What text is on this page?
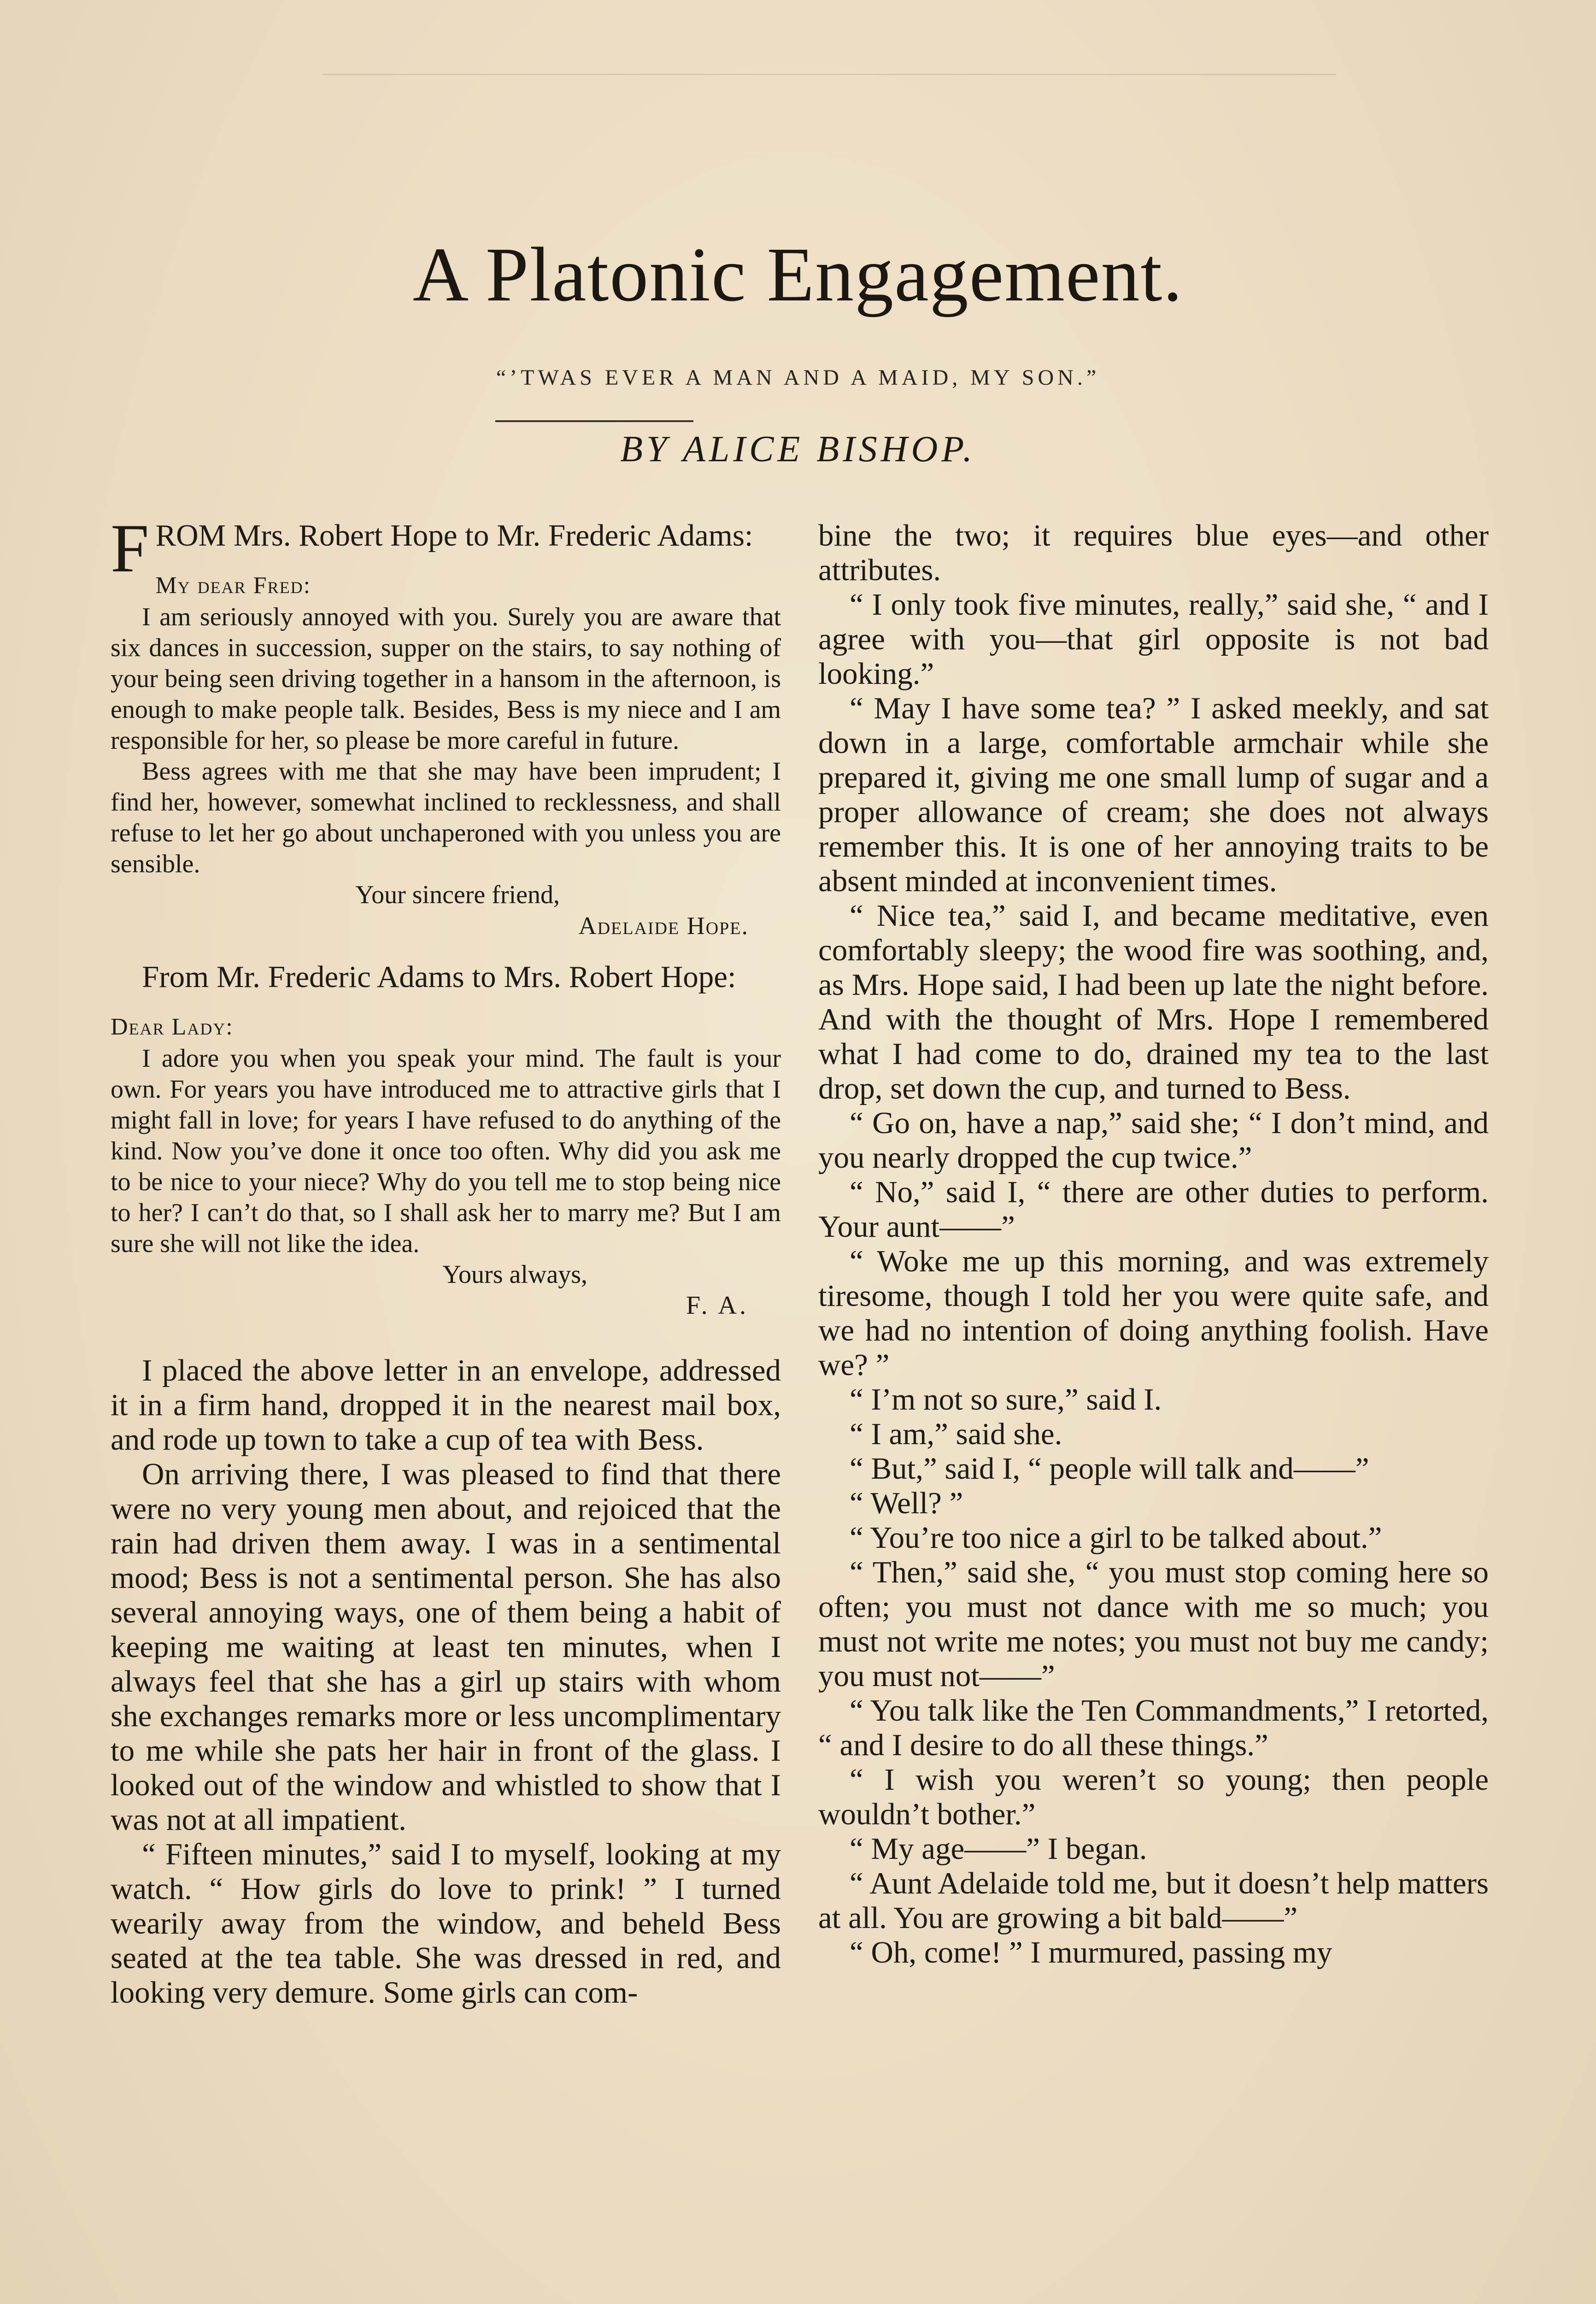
A Platonic Engagement.
“’TWAS EVER A MAN AND A MAID, MY SON.”
BY ALICE BISHOP.

FROM Mrs. Robert Hope to Mr. Frederic Adams:

My dear Fred:

I am seriously annoyed with you. Surely you are aware that six dances in succession, supper on the stairs, to say nothing of your being seen driving together in a hansom in the afternoon, is enough to make people talk. Besides, Bess is my niece and I am responsible for her, so please be more careful in future.

Bess agrees with me that she may have been imprudent; I find her, however, somewhat inclined to recklessness, and shall refuse to let her go about unchaperoned with you unless you are sensible.

Your sincere friend,

Adelaide Hope.

From Mr. Frederic Adams to Mrs. Robert Hope:

Dear Lady:

I adore you when you speak your mind. The fault is your own. For years you have introduced me to attractive girls that I might fall in love; for years I have refused to do anything of the kind. Now you’ve done it once too often. Why did you ask me to be nice to your niece? Why do you tell me to stop being nice to her? I can’t do that, so I shall ask her to marry me? But I am sure she will not like the idea.

Yours always,

F. A.

I placed the above letter in an envelope, addressed it in a firm hand, dropped it in the nearest mail box, and rode up town to take a cup of tea with Bess.

On arriving there, I was pleased to find that there were no very young men about, and rejoiced that the rain had driven them away. I was in a sentimental mood; Bess is not a sentimental person. She has also several annoying ways, one of them being a habit of keeping me waiting at least ten minutes, when I always feel that she has a girl up stairs with whom she exchanges remarks more or less uncomplimentary to me while she pats her hair in front of the glass. I looked out of the window and whistled to show that I was not at all impatient.

“ Fifteen minutes,” said I to myself, looking at my watch. “ How girls do love to prink! ” I turned wearily away from the window, and beheld Bess seated at the tea table. She was dressed in red, and looking very demure. Some girls can com-

bine the two; it requires blue eyes—and other attributes.

“ I only took five minutes, really,” said she, “ and I agree with you—that girl opposite is not bad looking.”

“ May I have some tea? ” I asked meekly, and sat down in a large, comfortable armchair while she prepared it, giving me one small lump of sugar and a proper allowance of cream; she does not always remember this. It is one of her annoying traits to be absent minded at inconvenient times.

“ Nice tea,” said I, and became meditative, even comfortably sleepy; the wood fire was soothing, and, as Mrs. Hope said, I had been up late the night before. And with the thought of Mrs. Hope I remembered what I had come to do, drained my tea to the last drop, set down the cup, and turned to Bess.

“ Go on, have a nap,” said she; “ I don’t mind, and you nearly dropped the cup twice.”

“ No,” said I, “ there are other duties to perform. Your aunt——”

“ Woke me up this morning, and was extremely tiresome, though I told her you were quite safe, and we had no intention of doing anything foolish. Have we? ”

“ I’m not so sure,” said I.

“ I am,” said she.

“ But,” said I, “ people will talk and——”

“ Well? ”

“ You’re too nice a girl to be talked about.”

“ Then,” said she, “ you must stop coming here so often; you must not dance with me so much; you must not write me notes; you must not buy me candy; you must not——”

“ You talk like the Ten Commandments,” I retorted, “ and I desire to do all these things.”

“ I wish you weren’t so young; then people wouldn’t bother.”

“ My age——” I began.

“ Aunt Adelaide told me, but it doesn’t help matters at all. You are growing a bit bald——”

“ Oh, come! ” I murmured, passing my
